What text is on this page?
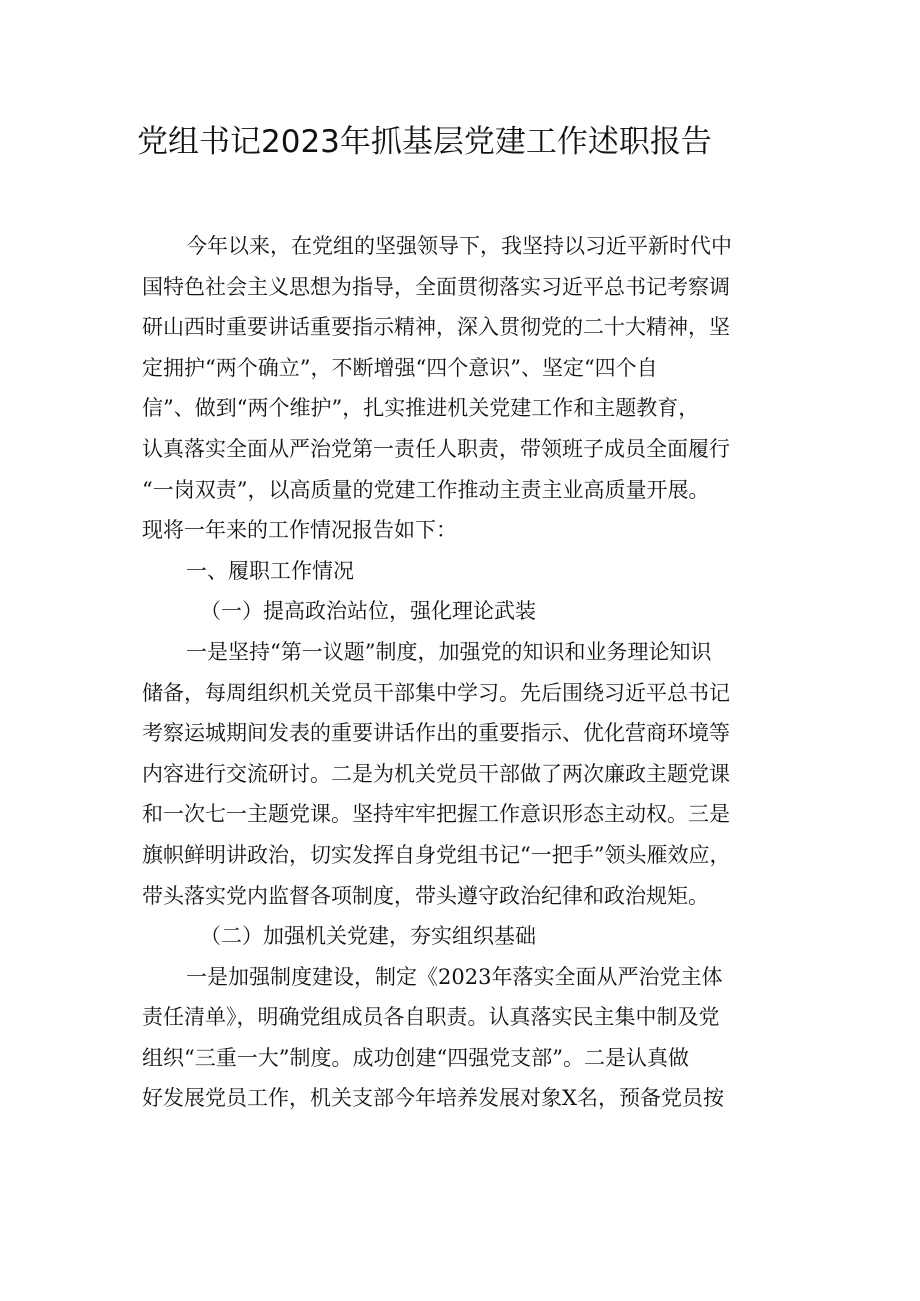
党组书记2023年抓基层党建工作述职报告
今年以来，在党组的坚强领导下，我坚持以习近平新时代中
国特色社会主义思想为指导，全面贯彻落实习近平总书记考察调
研山西时重要讲话重要指示精神，深入贯彻党的二十大精神，坚
定拥护“两个确立”，不断增强“四个意识”、坚定“四个自
信”、做到“两个维护”，扎实推进机关党建工作和主题教育，
认真落实全面从严治党第一责任人职责，带领班子成员全面履行
“一岗双责”，以高质量的党建工作推动主责主业高质量开展。
现将一年来的工作情况报告如下：
一、履职工作情况
（一）提高政治站位，强化理论武装
一是坚持“第一议题”制度，加强党的知识和业务理论知识
储备，每周组织机关党员干部集中学习。先后围绕习近平总书记
考察运城期间发表的重要讲话作出的重要指示、优化营商环境等
内容进行交流研讨。二是为机关党员干部做了两次廉政主题党课
和一次七一主题党课。坚持牢牢把握工作意识形态主动权。三是
旗帜鲜明讲政治，切实发挥自身党组书记“一把手”领头雁效应，
带头落实党内监督各项制度，带头遵守政治纪律和政治规矩。
（二）加强机关党建，夯实组织基础
一是加强制度建设，制定《2023年落实全面从严治党主体
责任清单》，明确党组成员各自职责。认真落实民主集中制及党
组织“三重一大”制度。成功创建“四强党支部”。二是认真做
好发展党员工作，机关支部今年培养发展对象X名，预备党员按
